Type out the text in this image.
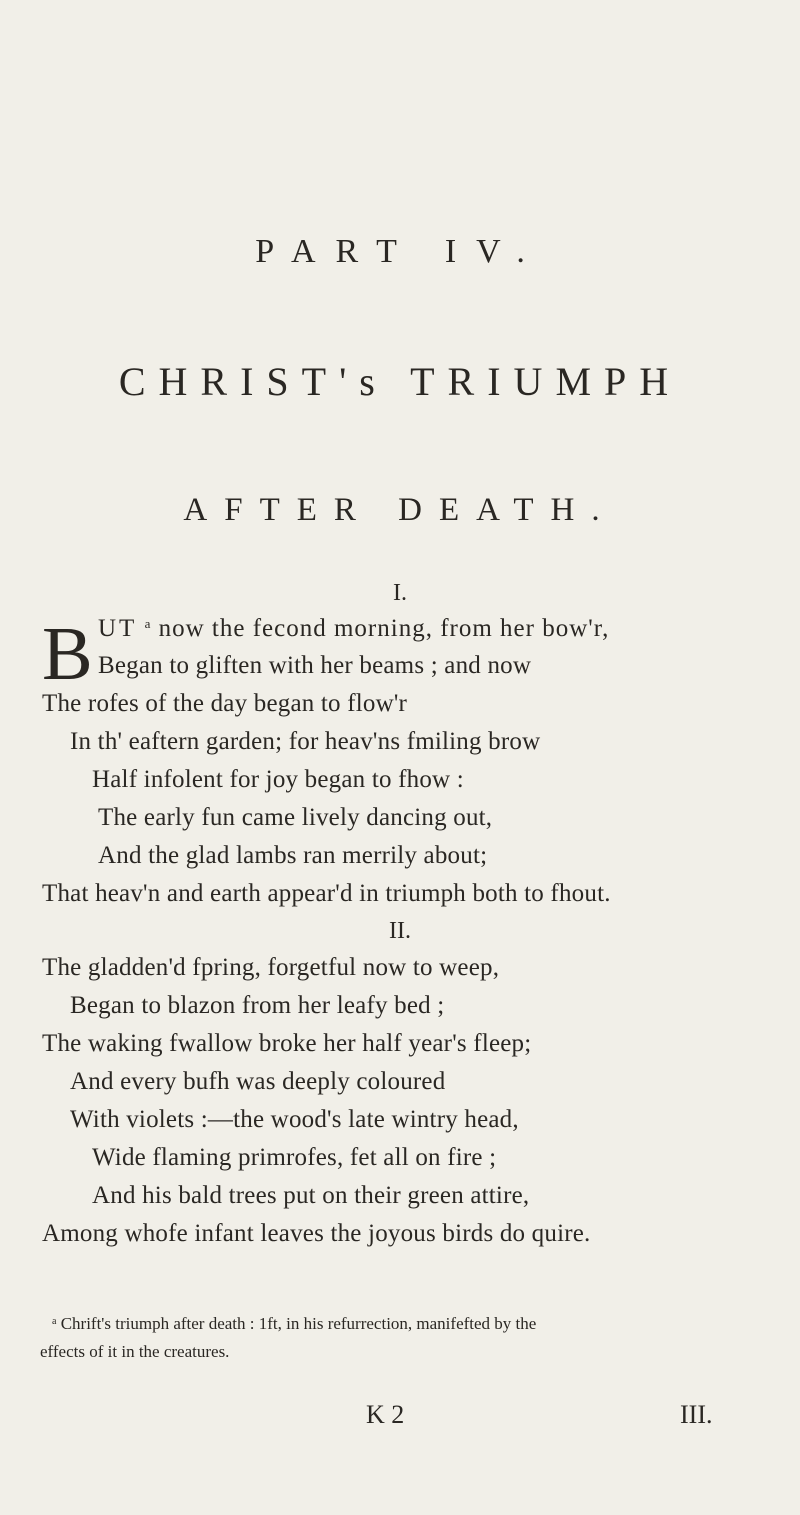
PART IV.
CHRIST's TRIUMPH
AFTER DEATH.
I.
B UT $^a$ now the fecond morning, from her bow'r,
Began to gliften with her beams ; and now
The rofes of the day began to flow'r
In th' eaftern garden; for heav'ns fmiling brow
Half infolent for joy began to fhow :
The early fun came lively dancing out,
And the glad lambs ran merrily about;
That heav'n and earth appear'd in triumph both to fhout.
II.
The gladden'd fpring, forgetful now to weep,
Began to blazon from her leafy bed ;
The waking fwallow broke her half year's fleep;
And every bufh was deeply coloured
With violets :—the wood's late wintry head,
Wide flaming primrofes, fet all on fire ;
And his bald trees put on their green attire,
Among whofe infant leaves the joyous birds do quire.
$^a$ Chrift's triumph after death : 1ft, in his refurrection, manifefted by the
effects of it in the creatures.
K 2	III.
